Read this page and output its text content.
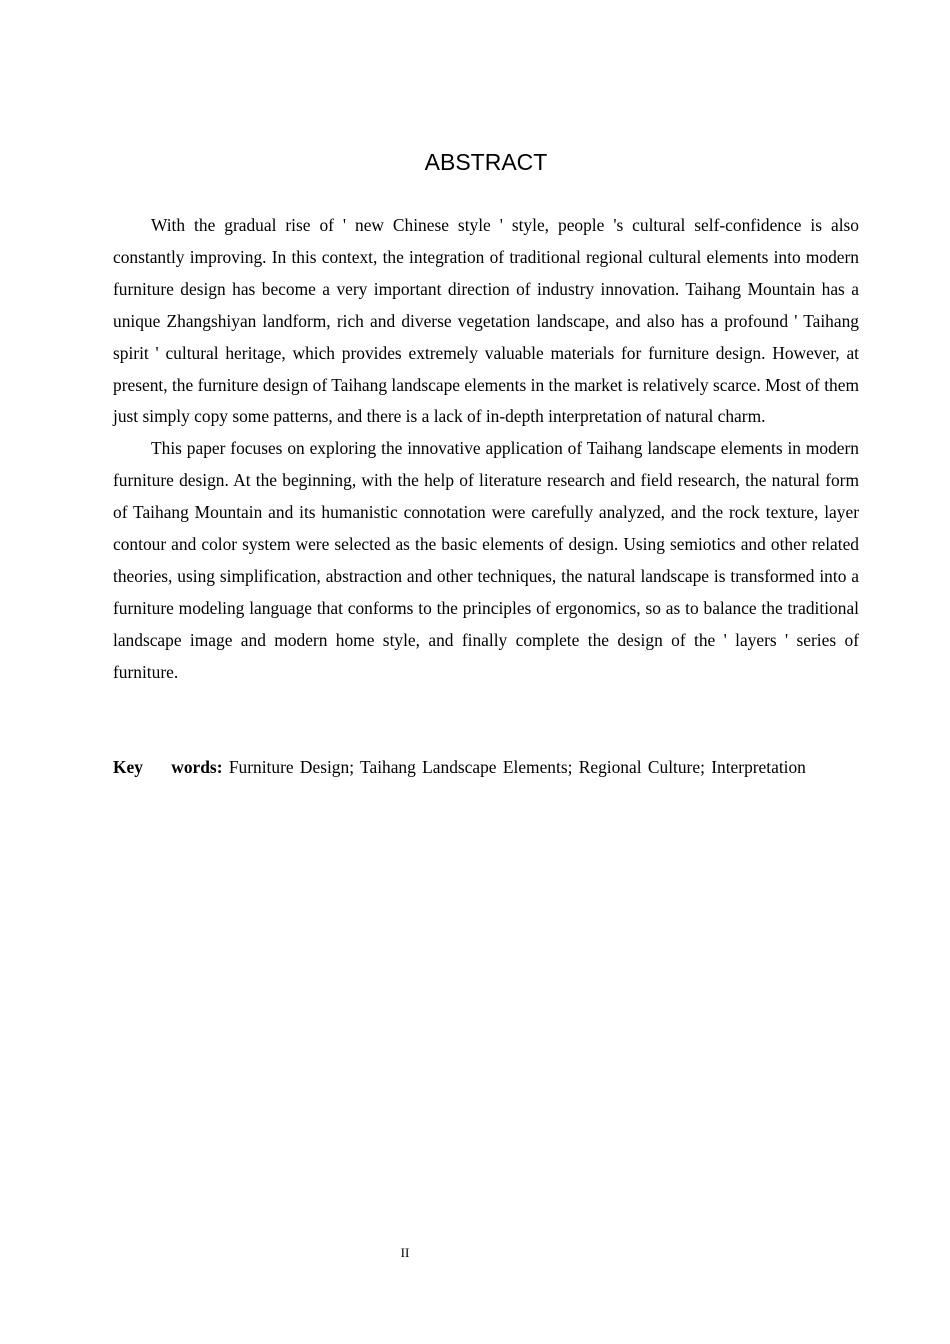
ABSTRACT

With the gradual rise of ' new Chinese style ' style, people 's cultural self-confidence is also constantly improving. In this context, the integration of traditional regional cultural elements into modern furniture design has become a very important direction of industry innovation. Taihang Mountain has a unique Zhangshiyan landform, rich and diverse vegetation landscape, and also has a profound ' Taihang spirit ' cultural heritage, which provides extremely valuable materials for furniture design. However, at present, the furniture design of Taihang landscape elements in the market is relatively scarce. Most of them just simply copy some patterns, and there is a lack of in-depth interpretation of natural charm.

This paper focuses on exploring the innovative application of Taihang landscape elements in modern furniture design. At the beginning, with the help of literature research and field research, the natural form of Taihang Mountain and its humanistic connotation were carefully analyzed, and the rock texture, layer contour and color system were selected as the basic elements of design. Using semiotics and other related theories, using simplification, abstraction and other techniques, the natural landscape is transformed into a furniture modeling language that conforms to the principles of ergonomics, so as to balance the traditional landscape image and modern home style, and finally complete the design of the ' layers ' series of furniture.

Key words: Furniture Design; Taihang Landscape Elements; Regional Culture; Interpretation

II
